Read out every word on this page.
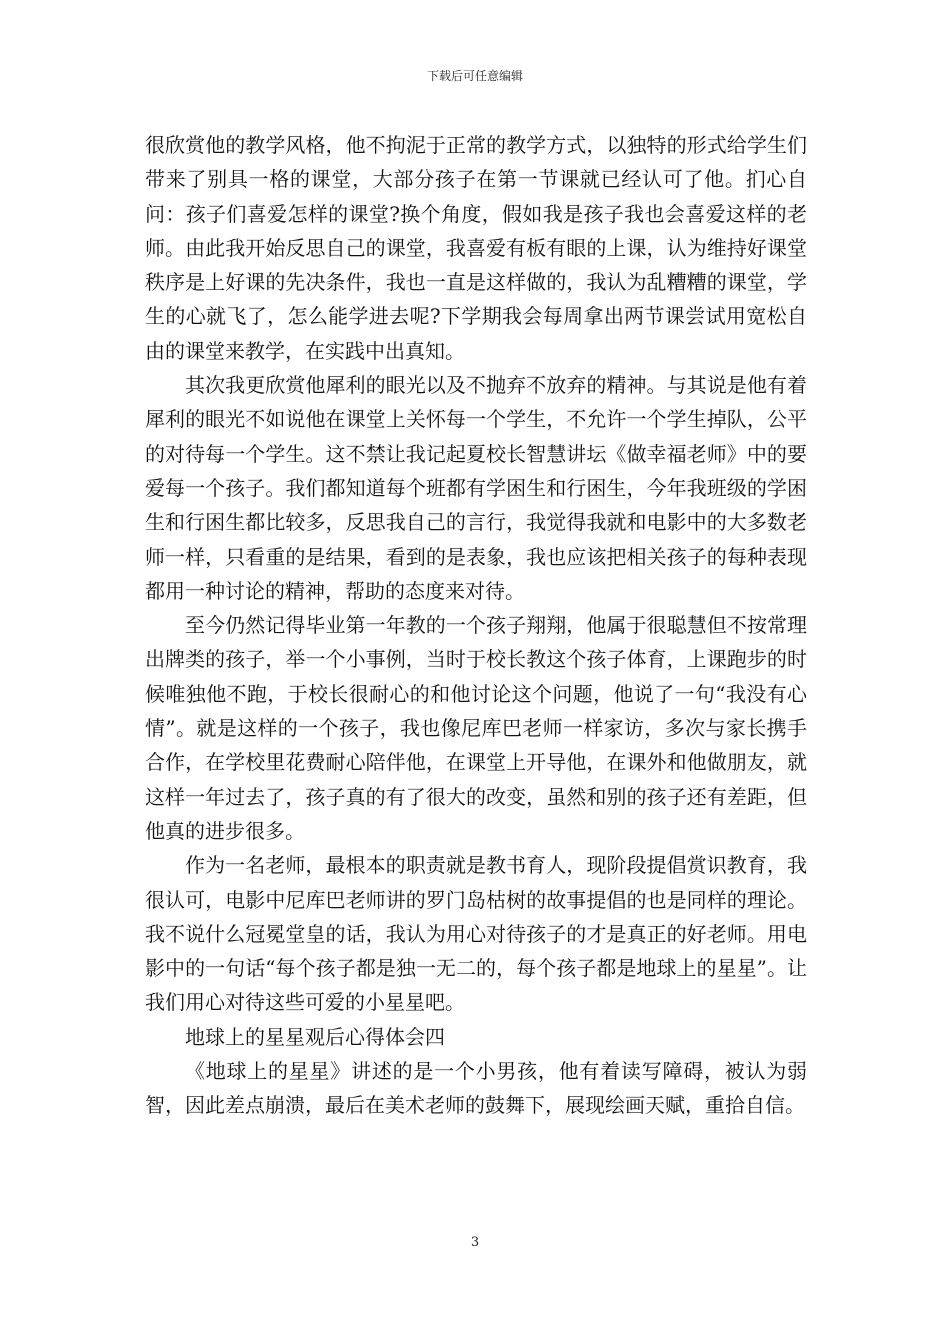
下载后可任意编辑

很欣赏他的教学风格，他不拘泥于正常的教学方式，以独特的形式给学生们带来了别具一格的课堂，大部分孩子在第一节课就已经认可了他。扪心自问：孩子们喜爱怎样的课堂?换个角度，假如我是孩子我也会喜爱这样的老师。由此我开始反思自己的课堂，我喜爱有板有眼的上课，认为维持好课堂秩序是上好课的先决条件，我也一直是这样做的，我认为乱糟糟的课堂，学生的心就飞了，怎么能学进去呢?下学期我会每周拿出两节课尝试用宽松自由的课堂来教学，在实践中出真知。

其次我更欣赏他犀利的眼光以及不抛弃不放弃的精神。与其说是他有着犀利的眼光不如说他在课堂上关怀每一个学生，不允许一个学生掉队，公平的对待每一个学生。这不禁让我记起夏校长智慧讲坛《做幸福老师》中的要爱每一个孩子。我们都知道每个班都有学困生和行困生，今年我班级的学困生和行困生都比较多，反思我自己的言行，我觉得我就和电影中的大多数老师一样，只看重的是结果，看到的是表象，我也应该把相关孩子的每种表现都用一种讨论的精神，帮助的态度来对待。

至今仍然记得毕业第一年教的一个孩子翔翔，他属于很聪慧但不按常理出牌类的孩子，举一个小事例，当时于校长教这个孩子体育，上课跑步的时候唯独他不跑，于校长很耐心的和他讨论这个问题，他说了一句“我没有心情”。就是这样的一个孩子，我也像尼库巴老师一样家访，多次与家长携手合作，在学校里花费耐心陪伴他，在课堂上开导他，在课外和他做朋友，就这样一年过去了，孩子真的有了很大的改变，虽然和别的孩子还有差距，但他真的进步很多。

作为一名老师，最根本的职责就是教书育人，现阶段提倡赏识教育，我很认可，电影中尼库巴老师讲的罗门岛枯树的故事提倡的也是同样的理论。我不说什么冠冕堂皇的话，我认为用心对待孩子的才是真正的好老师。用电影中的一句话“每个孩子都是独一无二的，每个孩子都是地球上的星星”。让我们用心对待这些可爱的小星星吧。

地球上的星星观后心得体会四

《地球上的星星》讲述的是一个小男孩，他有着读写障碍，被认为弱智，因此差点崩溃，最后在美术老师的鼓舞下，展现绘画天赋，重拾自信。

3
